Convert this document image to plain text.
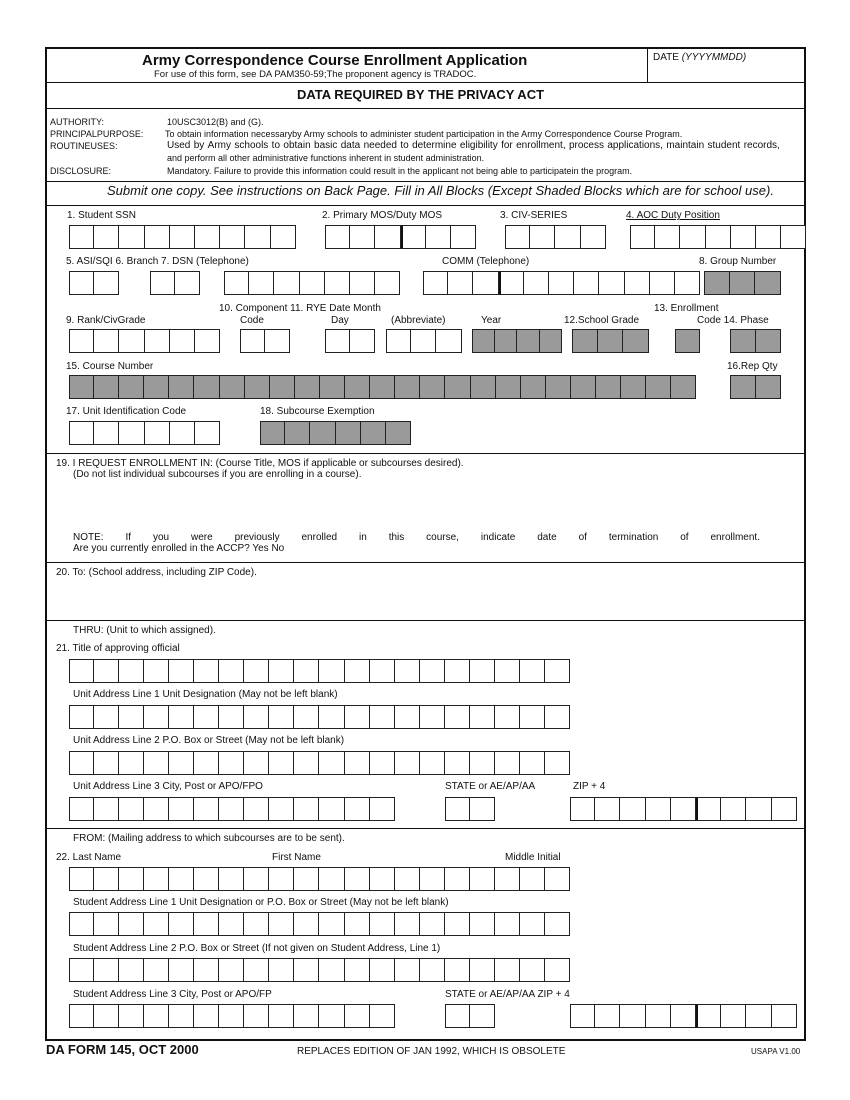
Army Correspondence Course Enrollment Application
For use of this form, see DA PAM350-59;The proponent agency is TRADOC.
DATE (YYYYMMDD)
DATA REQUIRED BY THE PRIVACY ACT
AUTHORITY:	10USC3012(B) and (G).
PRINCIPALPURPOSE: To obtain information necessaryby Army schools to administer student participation in the Army Correspondence Course Program.
ROUTINEUSES:	Used by Army schools to obtain basic data needed to determine eligibility for enrollment, process applications, maintain student records,
and perform all other administrative functions inherent in student administration.
DISCLOSURE:	Mandatory. Failure to provide this information could result in the applicant not being able to participatein the program.
Submit one copy. See instructions on Back Page. Fill in All Blocks (Except Shaded Blocks which are for school use).
1. Student SSN	2. Primary MOS/Duty MOS	3. CIV-SERIES	4. AOC Duty Position
5. ASI/SQI 6. Branch 7. DSN (Telephone)	COMM (Telephone)	8. Group Number
10. Component 11. RYE Date Month	13. Enrollment
9. Rank/CivGrade	Code	Day	(Abbreviate)	Year	12.School Grade	Code 14. Phase
15. Course Number	16.Rep Qty
17. Unit Identification Code	18. Subcourse Exemption
19. I REQUEST ENROLLMENT IN: (Course Title, MOS if applicable or subcourses desired).
(Do not list individual subcourses if you are enrolling in a course).
NOTE: If you were previously enrolled in this course, indicate date of termination of enrollment.
Are you currently enrolled in the ACCP? Yes No
20. To: (School address, including ZIP Code).
THRU: (Unit to which assigned).
21. Title of approving official
Unit Address Line 1 Unit Designation (May not be left blank)
Unit Address Line 2 P.O. Box or Street (May not be left blank)
Unit Address Line 3 City, Post or APO/FPO	STATE or AE/AP/AA	ZIP + 4
FROM: (Mailing address to which subcourses are to be sent).
22. Last Name	First Name	Middle Initial
Student Address Line 1 Unit Designation or P.O. Box or Street (May not be left blank)
Student Address Line 2 P.O. Box or Street (If not given on Student Address, Line 1)
Student Address Line 3 City, Post or APO/FP	STATE or AE/AP/AA ZIP + 4
DA FORM 145, OCT 2000	REPLACES EDITION OF JAN 1992, WHICH IS OBSOLETE	USAPA V1.00
